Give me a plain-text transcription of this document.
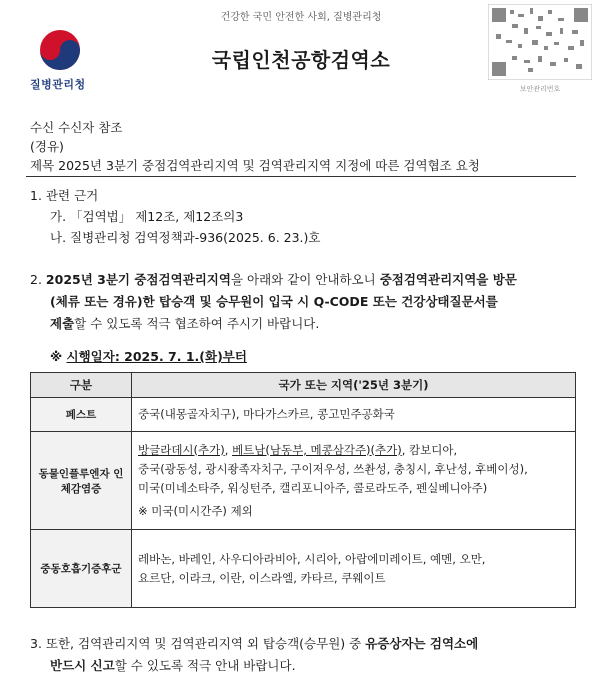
건강한 국민 안전한 사회, 질병관리청
질병관리청
국립인천공항검역소
보안관리번호
수신 수신자 참조
(경유)
제목 2025년 3분기 중점검역관리지역 및 검역관리지역 지정에 따른 검역협조 요청
1. 관련 근거
가. 「검역법」 제12조, 제12조의3
나. 질병관리청 검역정책과-936(2025. 6. 23.)호
2. 2025년 3분기 중점검역관리지역을 아래와 같이 안내하오니 중점검역관리지역을 방문
(체류 또는 경유)한 탑승객 및 승무원이 입국 시 Q-CODE 또는 건강상태질문서를
제출할 수 있도록 적극 협조하여 주시기 바랍니다.
※ 시행일자: 2025. 7. 1.(화)부터
구분	국가 또는 지역('25년 3분기)
페스트	중국(내몽골자치구), 마다가스카르, 콩고민주공화국
동물인플루엔자 인체감염증	방글라데시(추가), 베트남(남동부, 메콩삼각주)(추가), 캄보디아,
중국(광동성, 광시좡족자치구, 구이저우성, 쓰촨성, 충칭시, 후난성, 후베이성),
미국(미네소타주, 워싱턴주, 캘리포니아주, 콜로라도주, 펜실베니아주)
※ 미국(미시간주) 제외

중동호흡기증후군	레바논, 바레인, 사우디아라비아, 시리아, 아랍에미레이트, 예멘, 오만,
요르단, 이라크, 이란, 이스라엘, 카타르, 쿠웨이트
3. 또한, 검역관리지역 및 검역관리지역 외 탑승객(승무원) 중 유증상자는 검역소에
반드시 신고할 수 있도록 적극 안내 바랍니다.
